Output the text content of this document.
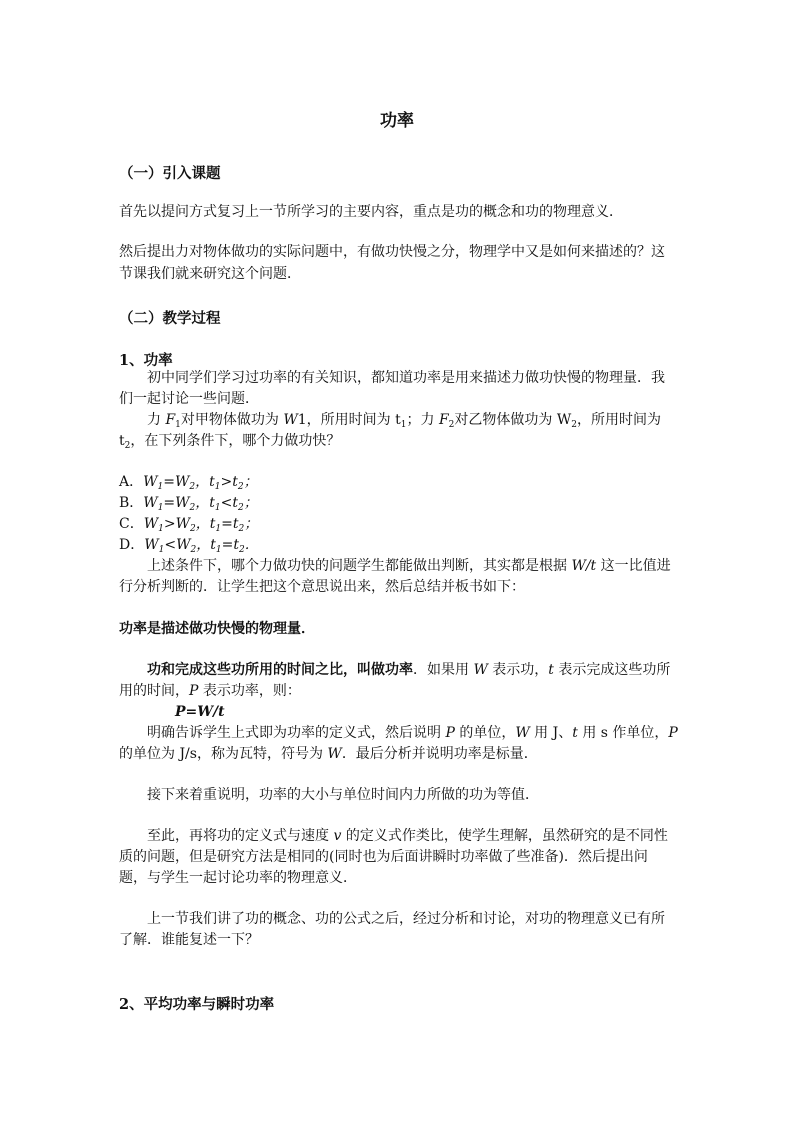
功率
（一）引入课题
首先以提问方式复习上一节所学习的主要内容，重点是功的概念和功的物理意义．
然后提出力对物体做功的实际问题中，有做功快慢之分，物理学中又是如何来描述的？这
节课我们就来研究这个问题．
（二）教学过程
1、功率
初中同学们学习过功率的有关知识，都知道功率是用来描述力做功快慢的物理量．我
们一起讨论一些问题．
力 $F_1$对甲物体做功为 W1，所用时间为 $t_1$；力 $F_2$对乙物体做功为 $W_2$，所用时间为
$t_2$，在下列条件下，哪个力做功快？
A．$W_1=W_2$，$t_1>t_2$；
B．$W_1=W_2$，$t_1<t_2$；
C．$W_1>W_2$，$t_1=t_2$；
D．$W_1<W_2$，$t_1=t_2$．
上述条件下，哪个力做功快的问题学生都能做出判断，其实都是根据 W/t 这一比值进
行分析判断的．让学生把这个意思说出来，然后总结并板书如下：
功率是描述做功快慢的物理量．
功和完成这些功所用的时间之比，叫做功率．如果用 W 表示功，t 表示完成这些功所
用的时间，P 表示功率，则：
P=W/t
明确告诉学生上式即为功率的定义式，然后说明 P 的单位，W 用 J、t 用 s 作单位，P
的单位为 J/s，称为瓦特，符号为 W．最后分析并说明功率是标量．
接下来着重说明，功率的大小与单位时间内力所做的功为等值．
至此，再将功的定义式与速度 v 的定义式作类比，使学生理解，虽然研究的是不同性
质的问题，但是研究方法是相同的(同时也为后面讲瞬时功率做了些准备)．然后提出问
题，与学生一起讨论功率的物理意义．
上一节我们讲了功的概念、功的公式之后，经过分析和讨论，对功的物理意义已有所
了解．谁能复述一下？
2、平均功率与瞬时功率
